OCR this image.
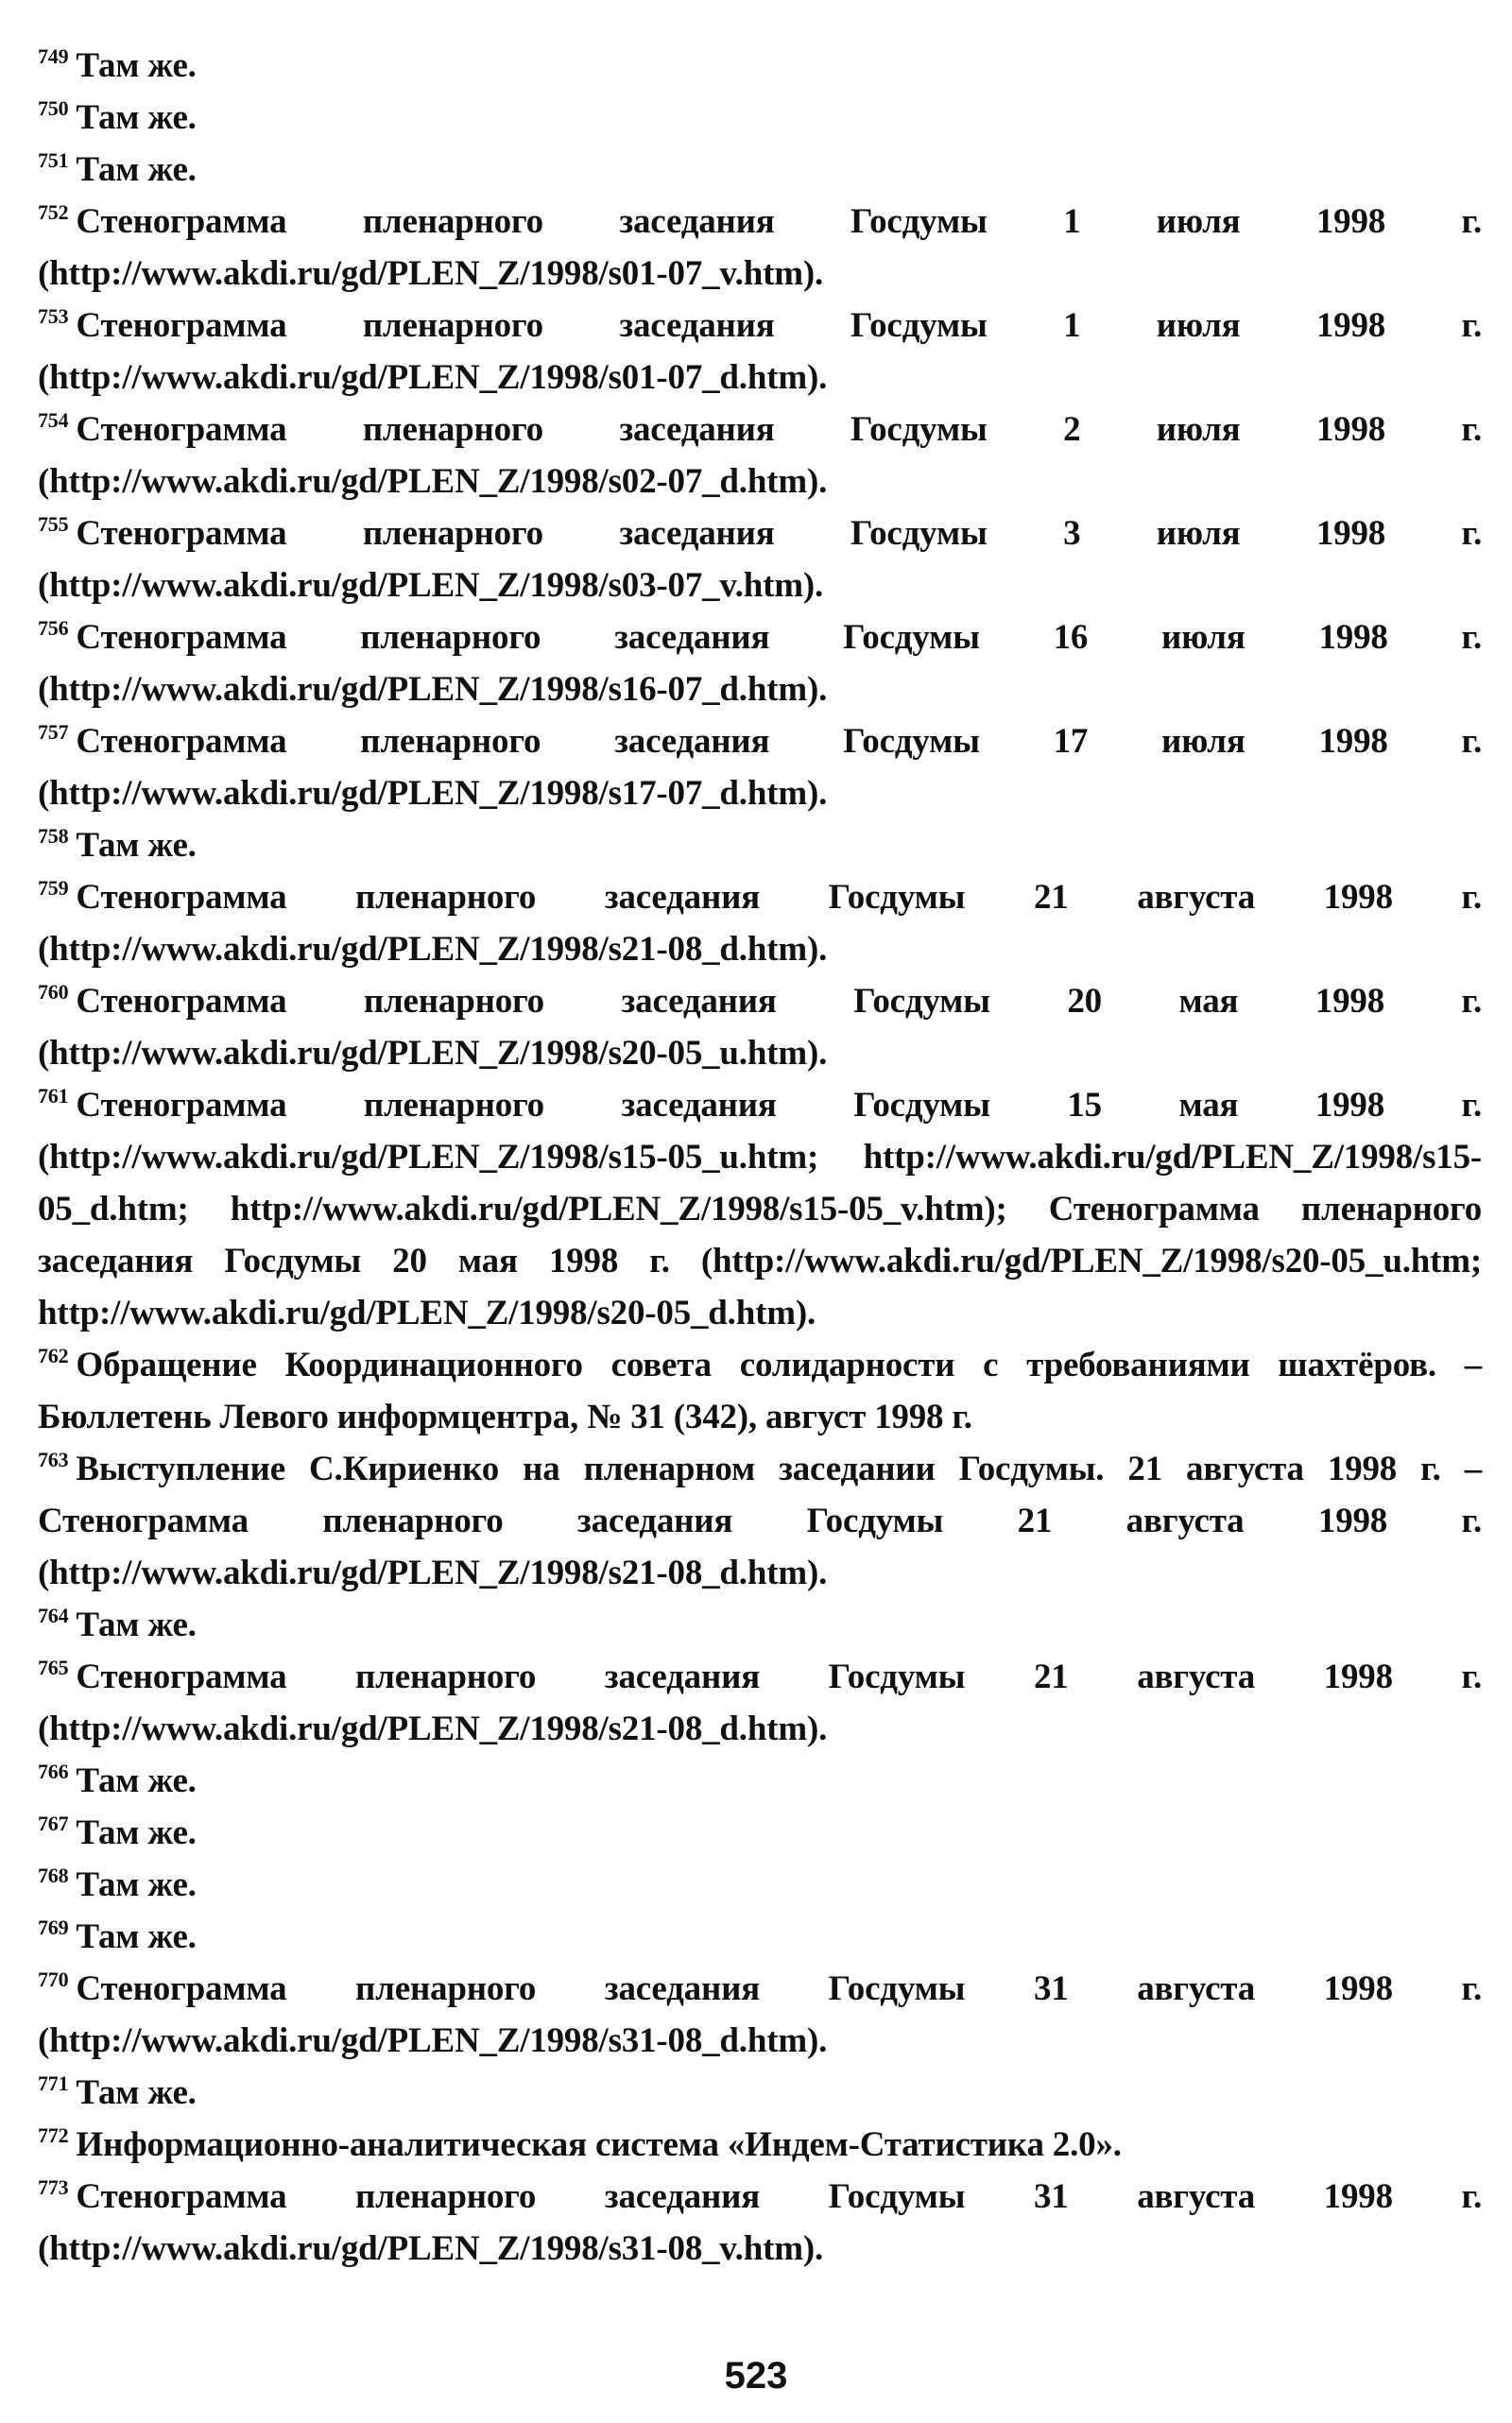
$^{749}$ Там же.

$^{750}$ Там же.

$^{751}$ Там же.

$^{752}$ Стенограмма пленарного заседания Госдумы 1 июля 1998 г. (http://www.akdi.ru/gd/PLEN_Z/1998/s01-07_v.htm).

$^{753}$ Стенограмма пленарного заседания Госдумы 1 июля 1998 г. (http://www.akdi.ru/gd/PLEN_Z/1998/s01-07_d.htm).

$^{754}$ Стенограмма пленарного заседания Госдумы 2 июля 1998 г. (http://www.akdi.ru/gd/PLEN_Z/1998/s02-07_d.htm).

$^{755}$ Стенограмма пленарного заседания Госдумы 3 июля 1998 г. (http://www.akdi.ru/gd/PLEN_Z/1998/s03-07_v.htm).

$^{756}$ Стенограмма пленарного заседания Госдумы 16 июля 1998 г. (http://www.akdi.ru/gd/PLEN_Z/1998/s16-07_d.htm).

$^{757}$ Стенограмма пленарного заседания Госдумы 17 июля 1998 г. (http://www.akdi.ru/gd/PLEN_Z/1998/s17-07_d.htm).

$^{758}$ Там же.

$^{759}$ Стенограмма пленарного заседания Госдумы 21 августа 1998 г. (http://www.akdi.ru/gd/PLEN_Z/1998/s21-08_d.htm).

$^{760}$ Стенограмма пленарного заседания Госдумы 20 мая 1998 г. (http://www.akdi.ru/gd/PLEN_Z/1998/s20-05_u.htm).

$^{761}$ Стенограмма пленарного заседания Госдумы 15 мая 1998 г. (http://www.akdi.ru/gd/PLEN_Z/1998/s15-05_u.htm; http://www.akdi.ru/gd/PLEN_Z/1998/s15-05_d.htm; http://www.akdi.ru/gd/PLEN_Z/1998/s15-05_v.htm); Стенограмма пленарного заседания Госдумы 20 мая 1998 г. (http://www.akdi.ru/gd/PLEN_Z/1998/s20-05_u.htm; http://www.akdi.ru/gd/PLEN_Z/1998/s20-05_d.htm).

$^{762}$ Обращение Координационного совета солидарности с требованиями шахтёров. – Бюллетень Левого информцентра, № 31 (342), август 1998 г.

$^{763}$ Выступление С.Кириенко на пленарном заседании Госдумы. 21 августа 1998 г. – Стенограмма пленарного заседания Госдумы 21 августа 1998 г. (http://www.akdi.ru/gd/PLEN_Z/1998/s21-08_d.htm).

$^{764}$ Там же.

$^{765}$ Стенограмма пленарного заседания Госдумы 21 августа 1998 г. (http://www.akdi.ru/gd/PLEN_Z/1998/s21-08_d.htm).

$^{766}$ Там же.

$^{767}$ Там же.

$^{768}$ Там же.

$^{769}$ Там же.

$^{770}$ Стенограмма пленарного заседания Госдумы 31 августа 1998 г. (http://www.akdi.ru/gd/PLEN_Z/1998/s31-08_d.htm).

$^{771}$ Там же.

$^{772}$ Информационно-аналитическая система «Индем-Статистика 2.0».

$^{773}$ Стенограмма пленарного заседания Госдумы 31 августа 1998 г. (http://www.akdi.ru/gd/PLEN_Z/1998/s31-08_v.htm).

523
